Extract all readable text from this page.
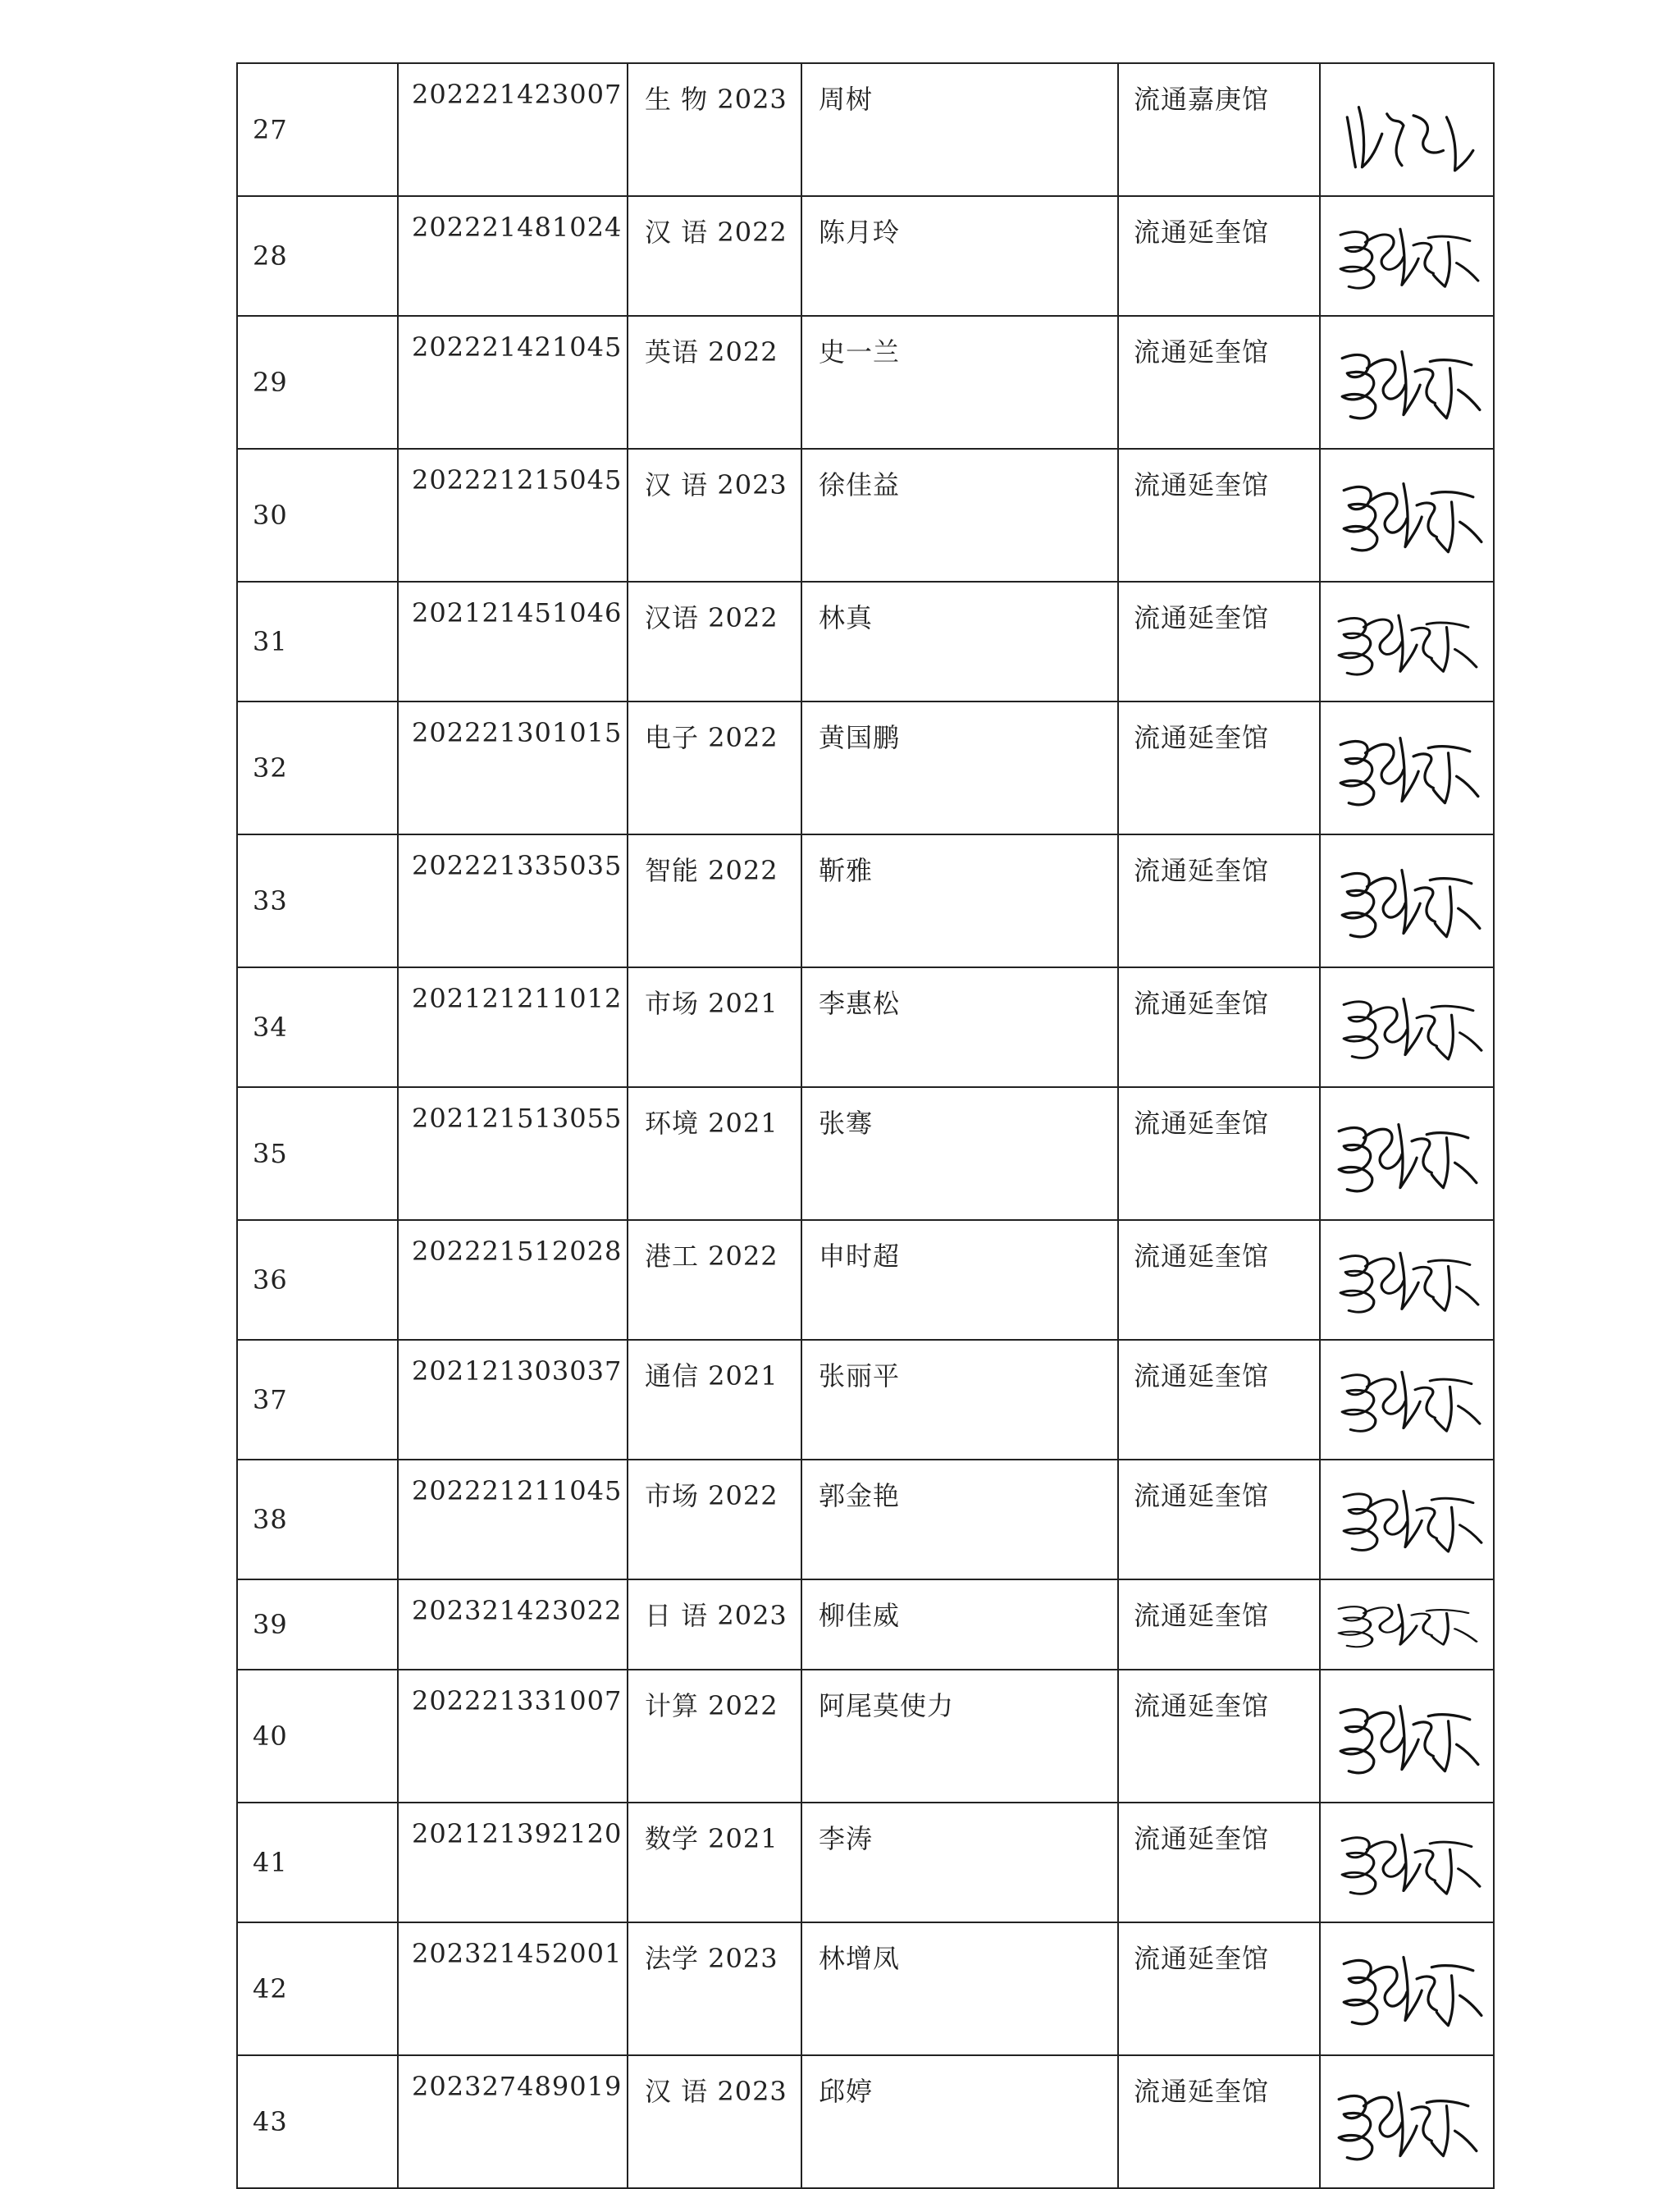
27	202221423007	生 物 2023	周树	流通嘉庚馆	

28	202221481024	汉 语 2022	陈月玲	流通延奎馆	

29	202221421045	英语 2022	史一兰	流通延奎馆	

30	202221215045	汉 语 2023	徐佳益	流通延奎馆	

31	202121451046	汉语 2022	林真	流通延奎馆	

32	202221301015	电子 2022	黄国鹏	流通延奎馆	

33	202221335035	智能 2022	靳雅	流通延奎馆	

34	202121211012	市场 2021	李惠松	流通延奎馆	

35	202121513055	环境 2021	张骞	流通延奎馆	

36	202221512028	港工 2022	申时超	流通延奎馆	

37	202121303037	通信 2021	张丽平	流通延奎馆	

38	202221211045	市场 2022	郭金艳	流通延奎馆	

39	202321423022	日 语 2023	柳佳威	流通延奎馆	

40	202221331007	计算 2022	阿尾莫使力	流通延奎馆	

41	202121392120	数学 2021	李涛	流通延奎馆	

42	202321452001	法学 2023	林增凤	流通延奎馆	

43	202327489019	汉 语 2023	邱婷	流通延奎馆	
